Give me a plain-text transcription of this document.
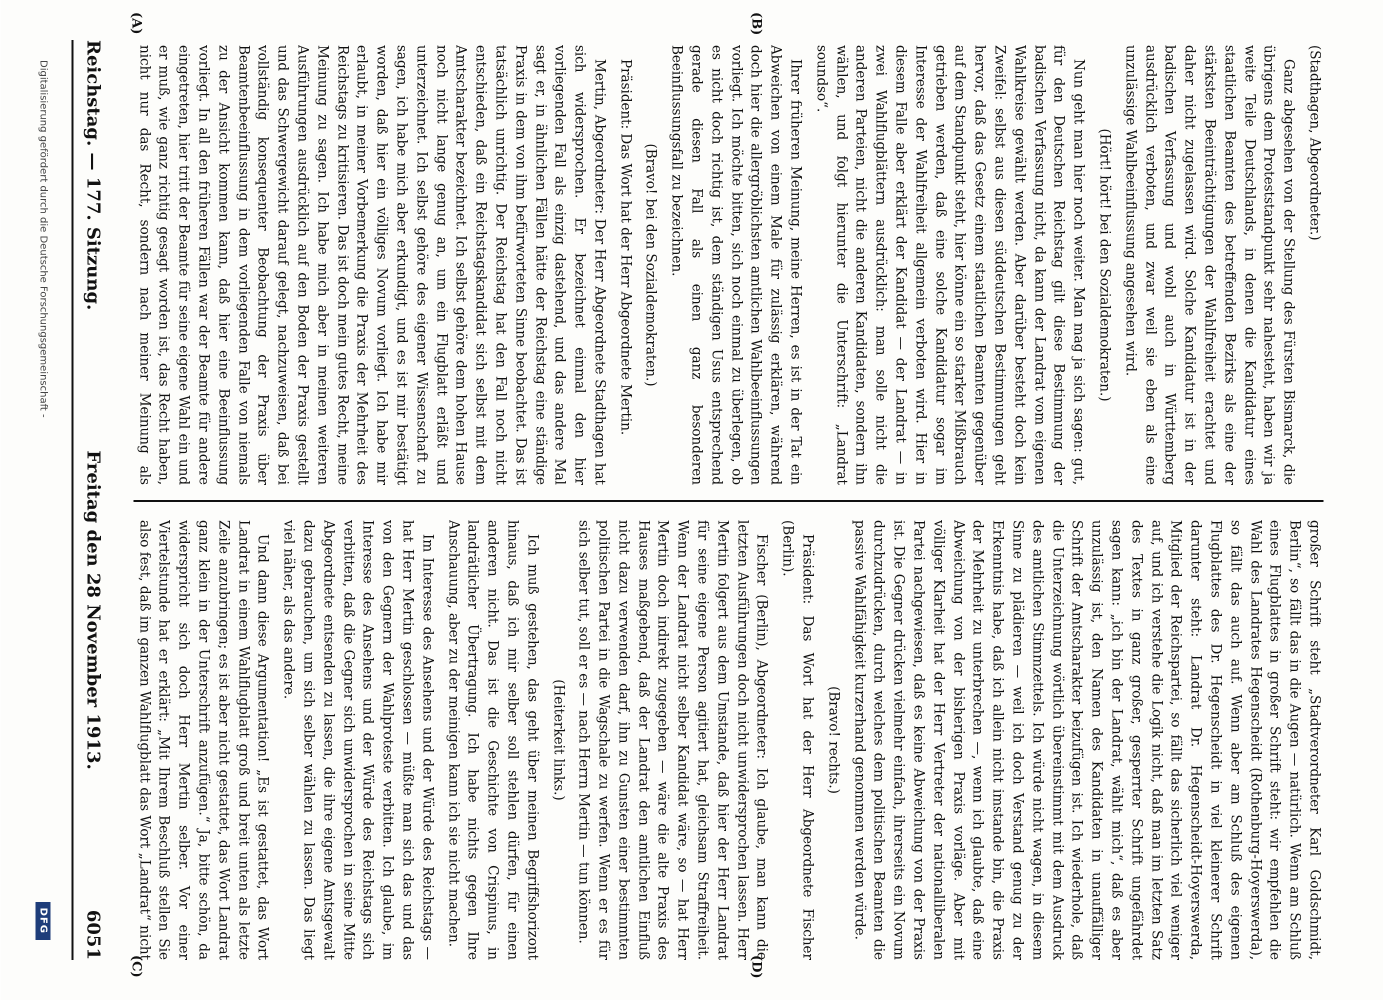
Reichstag. — 177. Sitzung.
Freitag den 28 November 1913.
6051
(A)	(B)
(C)	(D)

(Stadthagen, Abgeordneter.)

Ganz abgesehen von der Stellung des Fürsten Bismarck, die übrigens dem Proteststandpunkt sehr nahesteht, haben wir ja weite Teile Deutschlands, in denen die Kandidatur eines staatlichen Beamten des betreffenden Bezirks als eine der stärksten Beeinträchtigungen der Wahlfreiheit erachtet und daher nicht zugelassen wird. Solche Kandidatur ist in der badischen Verfassung und wohl auch in Württemberg ausdrücklich verboten, und zwar weil sie eben als eine unzulässige Wahlbeeinflussung angesehen wird.

(Hört! hört! bei den Sozialdemokraten.)

Nun geht man hier noch weiter. Man mag ja sich sagen: gut, für den Deutschen Reichstag gilt diese Bestimmung der badischen Verfassung nicht, da kann der Landrat vom eigenen Wahlkreise gewählt werden. Aber darüber besteht doch kein Zweifel: selbst aus diesen süddeutschen Bestimmungen geht hervor, daß das Gesetz einem staatlichen Beamten gegenüber auf dem Standpunkt steht, hier könne ein so starker Mißbrauch getrieben werden, daß eine solche Kandidatur sogar im Interesse der Wahlfreiheit allgemein verboten wird. Hier in diesem Falle aber erklärt der Kandidat — der Landrat — in zwei Wahlflugblättern ausdrücklich: man solle nicht die anderen Parteien, nicht die anderen Kandidaten, sondern ihn wählen, und folgt hierunter die Unterschrift: „Landrat soundso“.

Ihrer früheren Meinung, meine Herren, es ist in der Tat ein Abweichen von einem Male für zulässig erklären, während doch hier die allergröblichsten amtlichen Wahlbeeinflussungen vorliegt. Ich möchte bitten, sich noch einmal zu überlegen, ob es nicht doch richtig ist, dem ständigen Usus entsprechend gerade diesen Fall als einen ganz besonderen Beeinflussungsfall zu bezeichnen.

(Bravo! bei den Sozialdemokraten.)

Präsident: Das Wort hat der Herr Abgeordnete Mertin.

Mertin, Abgeordneter: Der Herr Abgeordnete Stadthagen hat sich widersprochen. Er bezeichnet einmal den hier vorliegenden Fall als einzig dastehend, und das andere Mal sagt er, in ähnlichen Fällen hätte der Reichstag eine ständige Praxis in dem von ihm befürworteten Sinne beobachtet. Das ist tatsächlich unrichtig. Der Reichstag hat den Fall noch nicht entschieden, daß ein Reichstagskandidat sich selbst mit dem Amtscharakter bezeichnet. Ich selbst gehöre dem hohen Hause noch nicht lange genug an, um ein Flugblatt erläßt und unterzeichnet. Ich selbst gehöre des eigener Wissenschaft zu sagen, ich habe mich aber erkundigt, und es ist mir bestätigt worden, daß hier ein völliges Novum vorliegt. Ich habe mir erlaubt, in meiner Vorbemerkung die Praxis der Mehrheit des Reichstags zu kritisieren. Das ist doch mein gutes Recht, meine Meinung zu sagen. Ich habe mich aber in meinen weiteren Ausführungen ausdrücklich auf den Boden der Praxis gestellt und das Schwergewicht darauf gelegt, nachzuweisen, daß bei vollständig konsequenter Beobachtung der Praxis über Beamtenbeeinflussung in dem vorliegenden Falle von niemals zu der Ansicht kommen kann, daß hier eine Beeinflussung vorliegt. In all den früheren Fällen war der Beamte für andere eingetreten, hier tritt der Beamte für seine eigene Wahl ein und er muß, wie ganz richtig gesagt worden ist, das Recht haben, nicht nur das Recht, sondern nach meiner Meinung als

großer Schrift steht „Stadtverordneter Karl Goldschmidt, Berlin“, so fällt das in die Augen — natürlich. Wenn am Schluß eines Flugblattes in großer Schrift steht: wir empfehlen die Wahl des Landrates Hegenscheidt (Rothenburg-Hoyerswerda), so fällt das auch auf. Wenn aber am Schluß des eigenen Flugblattes des Dr. Hegenscheidt in viel kleinerer Schrift darunter steht: Landrat Dr. Hegenscheidt-Hoyerswerda, Mitglied der Reichspartei, so fällt das sicherlich viel weniger auf, und ich verstehe die Logik nicht, daß man im letzten Satz des Textes in ganz großer, gesperrter Schrift ungefährdet sagen kann: „ich bin der Landrat, wählt mich“, daß es aber unzulässig ist, den Namen des Kandidaten in unauffälliger Schrift der Amtscharakter beizufügen ist. Ich wiederhole, daß die Unterzeichnung wörtlich übereinstimmt mit dem Ausdruck des amtlichen Stimmzettels. Ich würde nicht wagen, in diesem Sinne zu plädieren — weil ich doch Verstand genug zu der Erkenntnis habe, daß ich allein nicht imstande bin, die Praxis der Mehrheit zu unterbrechen —, wenn ich glaubte, daß eine Abweichung von der bisherigen Praxis vorläge. Aber mit völliger Klarheit hat der Herr Vertreter der nationalliberalen Partei nachgewiesen, daß es keine Abweichung von der Praxis ist. Die Gegner drücken vielmehr einfach, ihrerseits ein Novum durchzudrücken, durch welches dem politischen Beamten die passive Wahlfähigkeit kurzerhand genommen werden würde.

(Bravo! rechts.)

Präsident: Das Wort hat der Herr Abgeordnete Fischer (Berlin).

Fischer (Berlin), Abgeordneter: Ich glaube, man kann die letzten Ausführungen doch nicht unwidersprochen lassen. Herr Mertin folgert aus dem Umstande, daß hier der Herr Landrat für seine eigene Person agitiert hat, gleichsam Straffreiheit. Wenn der Landrat nicht selber Kandidat wäre, so — hat Herr Mertin doch indirekt zugegeben — wäre die alte Praxis des Hauses maßgebend, daß der Landrat den amtlichen Einfluß nicht dazu verwenden darf, ihn zu Gunsten einer bestimmten politischen Partei in die Wagschale zu werfen. Wenn er es für sich selber tut, soll er es — nach Herrn Mertin — tun können.

(Heiterkeit links.)

Ich muß gestehen, das geht über meinen Begriffshorizont hinaus, daß ich mir selber soll stehlen dürfen, für einen anderen nicht. Das ist die Geschichte von Crispinus, in landrätlicher Übertragung. Ich habe nichts gegen Ihre Anschauung, aber zu der meinigen kann ich sie nicht machen.

Im Interesse des Ansehens und der Würde des Reichstags — hat Herr Mertin geschlossen — müßte man sich das und das von den Gegnern der Wahlproteste verbitten. Ich glaube, im Interesse des Ansehens und der Würde des Reichstags sich verbitten, daß die Gegner sich unwidersprochen in seine Mitte Abgeordnete entsenden zu lassen, die ihre eigene Amtsgewalt dazu gebrauchen, um sich selber wählen zu lassen. Das liegt viel näher, als das andere.

Und dann diese Argumentation! „Es ist gestattet, das Wort Landrat in einem Wahlflugblatt groß und breit unten als letzte Zeile anzubringen; es ist aber nicht gestattet, das Wort Landrat ganz klein in der Unterschrift anzufügen.“ Ja, bitte schön, da widerspricht sich doch Herr Mertin selber. Vor einer Viertelstunde hat er erklärt: „Mit Ihrem Beschluß stellen Sie also fest, daß im ganzen Wahlflugblatt das Wort „Landrat“ nicht

Digitalisierung gefördert durch die Deutsche Forschungsgemeinschaft -
DFG
